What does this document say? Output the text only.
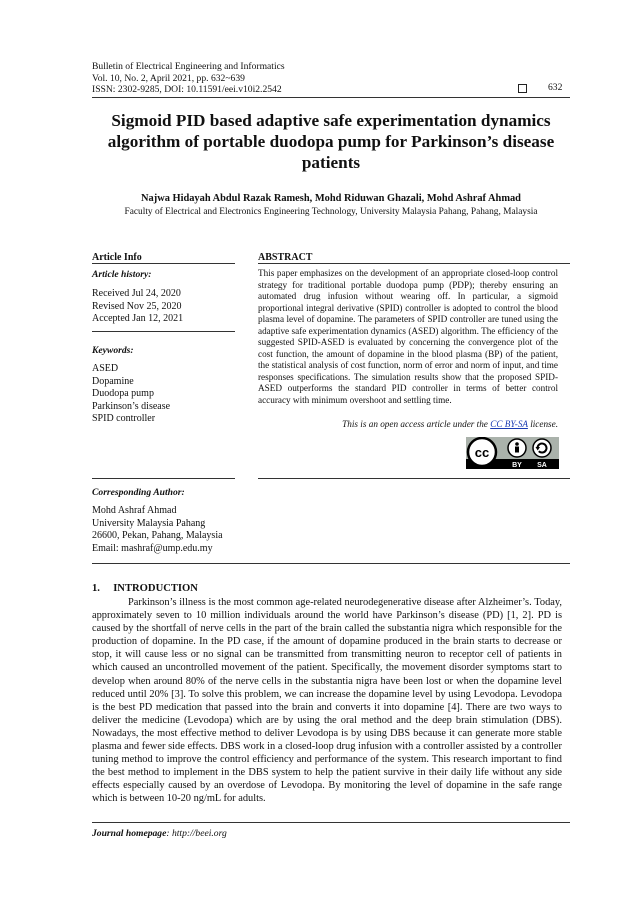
Bulletin of Electrical Engineering and Informatics
Vol. 10, No. 2, April 2021, pp. 632~639
ISSN: 2302-9285, DOI: 10.11591/eei.v10i2.2542	632
Sigmoid PID based adaptive safe experimentation dynamics algorithm of portable duodopa pump for Parkinson’s disease patients
Najwa Hidayah Abdul Razak Ramesh, Mohd Riduwan Ghazali, Mohd Ashraf Ahmad
Faculty of Electrical and Electronics Engineering Technology, University Malaysia Pahang, Pahang, Malaysia
Article Info
Article history:
Received Jul 24, 2020
Revised Nov 25, 2020
Accepted Jan 12, 2021
Keywords:
ASED
Dopamine
Duodopa pump
Parkinson’s disease
SPID controller
ABSTRACT
This paper emphasizes on the development of an appropriate closed-loop control strategy for traditional portable duodopa pump (PDP); thereby ensuring an automated drug infusion without wearing off. In particular, a sigmoid proportional integral derivative (SPID) controller is adopted to control the blood plasma level of dopamine. The parameters of SPID controller are tuned using the adaptive safe experimentation dynamics (ASED) algorithm. The efficiency of the suggested SPID-ASED is evaluated by concerning the convergence plot of the cost function, the amount of dopamine in the blood plasma (BP) of the patient, the statistical analysis of cost function, norm of error and norm of input, and time responses specifications. The simulation results show that the proposed SPID-ASED outperforms the standard PID controller in terms of better control accuracy with minimum overshoot and settling time.
This is an open access article under the CC BY-SA license.
cc
BY SA
Corresponding Author:
Mohd Ashraf Ahmad
University Malaysia Pahang
26600, Pekan, Pahang, Malaysia
Email: mashraf@ump.edu.my
1.     INTRODUCTION

Parkinson’s illness is the most common age-related neurodegenerative disease after Alzheimer’s. Today, approximately seven to 10 million individuals around the world have Parkinson’s disease (PD) [1, 2]. PD is caused by the shortfall of nerve cells in the part of the brain called the substantia nigra which responsible for the production of dopamine. In the PD case, if the amount of dopamine produced in the brain starts to decrease or stop, it will cause less or no signal can be transmitted from transmitting neuron to receptor cell of patients in which caused an uncontrolled movement of the patient. Specifically, the movement disorder symptoms start to develop when around 80% of the nerve cells in the substantia nigra have been lost or when the dopamine level reduced until 20% [3]. To solve this problem, we can increase the dopamine level by using Levodopa. Levodopa is the best PD medication that passed into the brain and converts it into dopamine [4]. There are two ways to deliver the medicine (Levodopa) which are by using the oral method and the deep brain stimulation (DBS). Nowadays, the most effective method to deliver Levodopa is by using DBS because it can generate more stable plasma and fewer side effects. DBS work in a closed-loop drug infusion with a controller assisted by a controller tuning method to improve the control efficiency and performance of the system. This research important to find the best method to implement in the DBS system to help the patient survive in their daily life without any side effects especially caused by an overdose of Levodopa. By monitoring the level of dopamine in the safe range which is between 10-20 ng/mL for adults.

Journal homepage: http://beei.org
